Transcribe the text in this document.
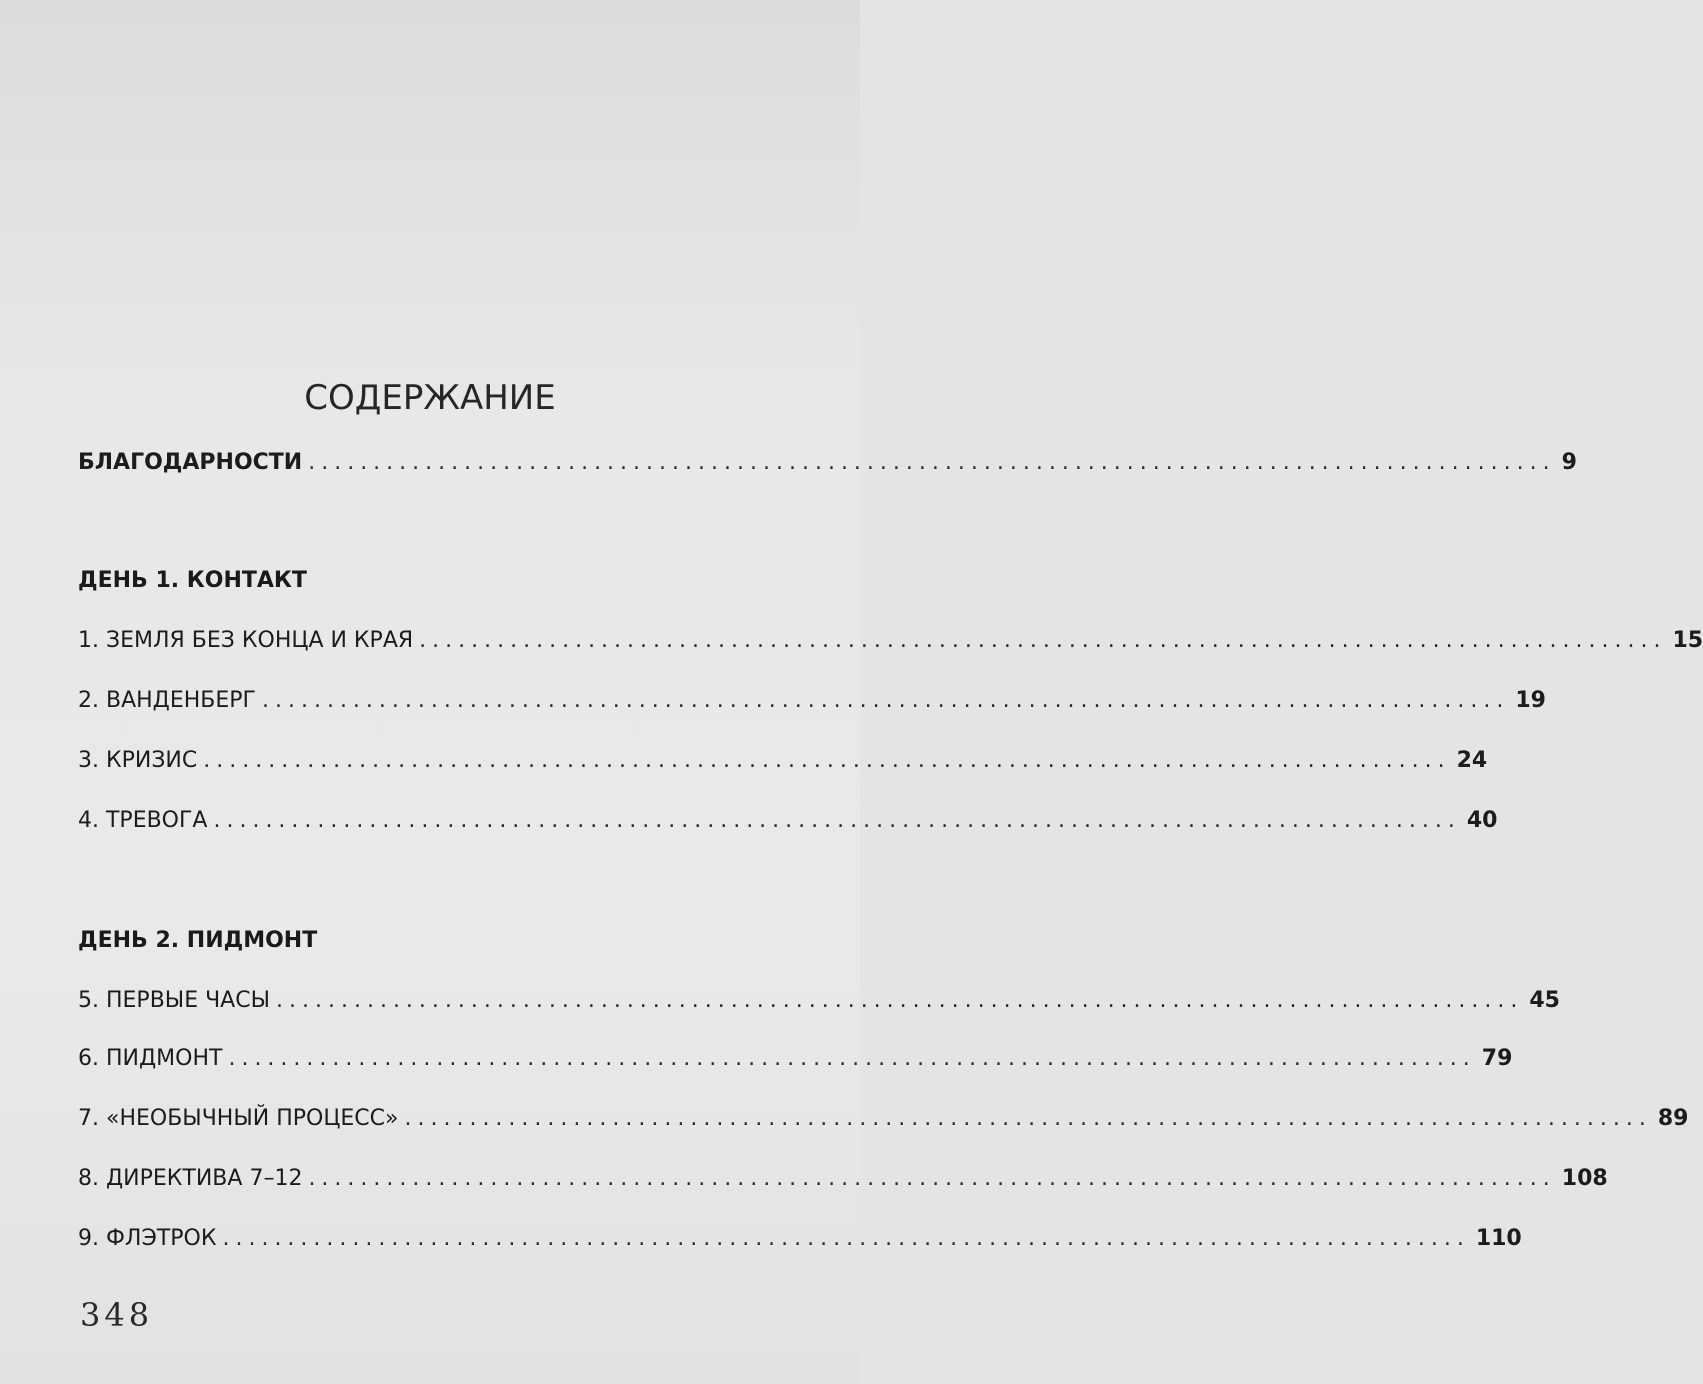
СОДЕРЖАНИЕ
БЛАГОДАРНОСТИ ................................................................................................ 9
ДЕНЬ 1. КОНТАКТ
1. ЗЕМЛЯ БЕЗ КОНЦА И КРАЯ ................................................................................................ 15
2. ВАНДЕНБЕРГ ................................................................................................ 19
3. КРИЗИС ................................................................................................ 24
4. ТРЕВОГА ................................................................................................ 40
ДЕНЬ 2. ПИДМОНТ
5. ПЕРВЫЕ ЧАСЫ ................................................................................................ 45
6. ПИДМОНТ ................................................................................................ 79
7. «НЕОБЫЧНЫЙ ПРОЦЕСС» ................................................................................................ 89
8. ДИРЕКТИВА 7–12 ................................................................................................ 108
9. ФЛЭТРОК ................................................................................................ 110
348
